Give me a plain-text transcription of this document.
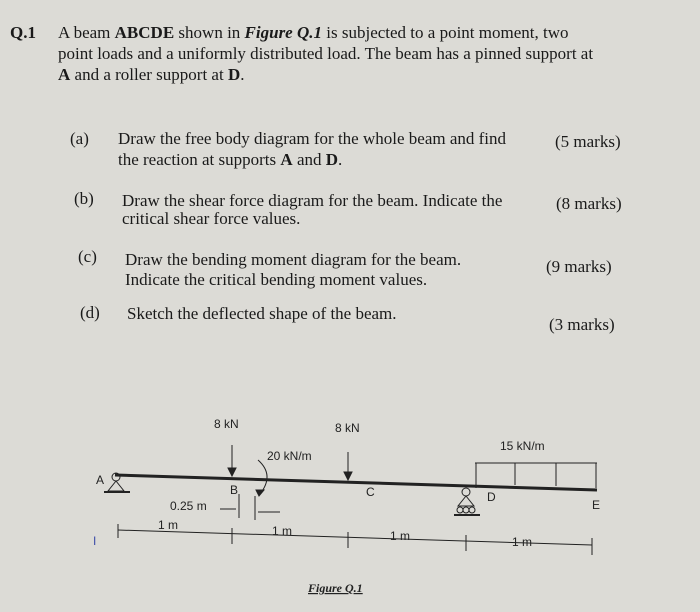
Q.1 A beam ABCDE shown in Figure Q.1 is subjected to a point moment, two
point loads and a uniformly distributed load. The beam has a pinned support at
A and a roller support at D.
(a) Draw the free body diagram for the whole beam and find
the reaction at supports A and D.
(5 marks)
(b) Draw the shear force diagram for the beam. Indicate the
critical shear force values.
(8 marks)
(c) Draw the bending moment diagram for the beam.
Indicate the critical bending moment values.
(9 marks)
(d) Sketch the deflected shape of the beam.
(3 marks)
8 kN	8 kN
20 kN/m
15 kN/m
A
B	C	D
E
0.25 m
1 m	1 m	1 m	1 m
I
Figure Q.1
